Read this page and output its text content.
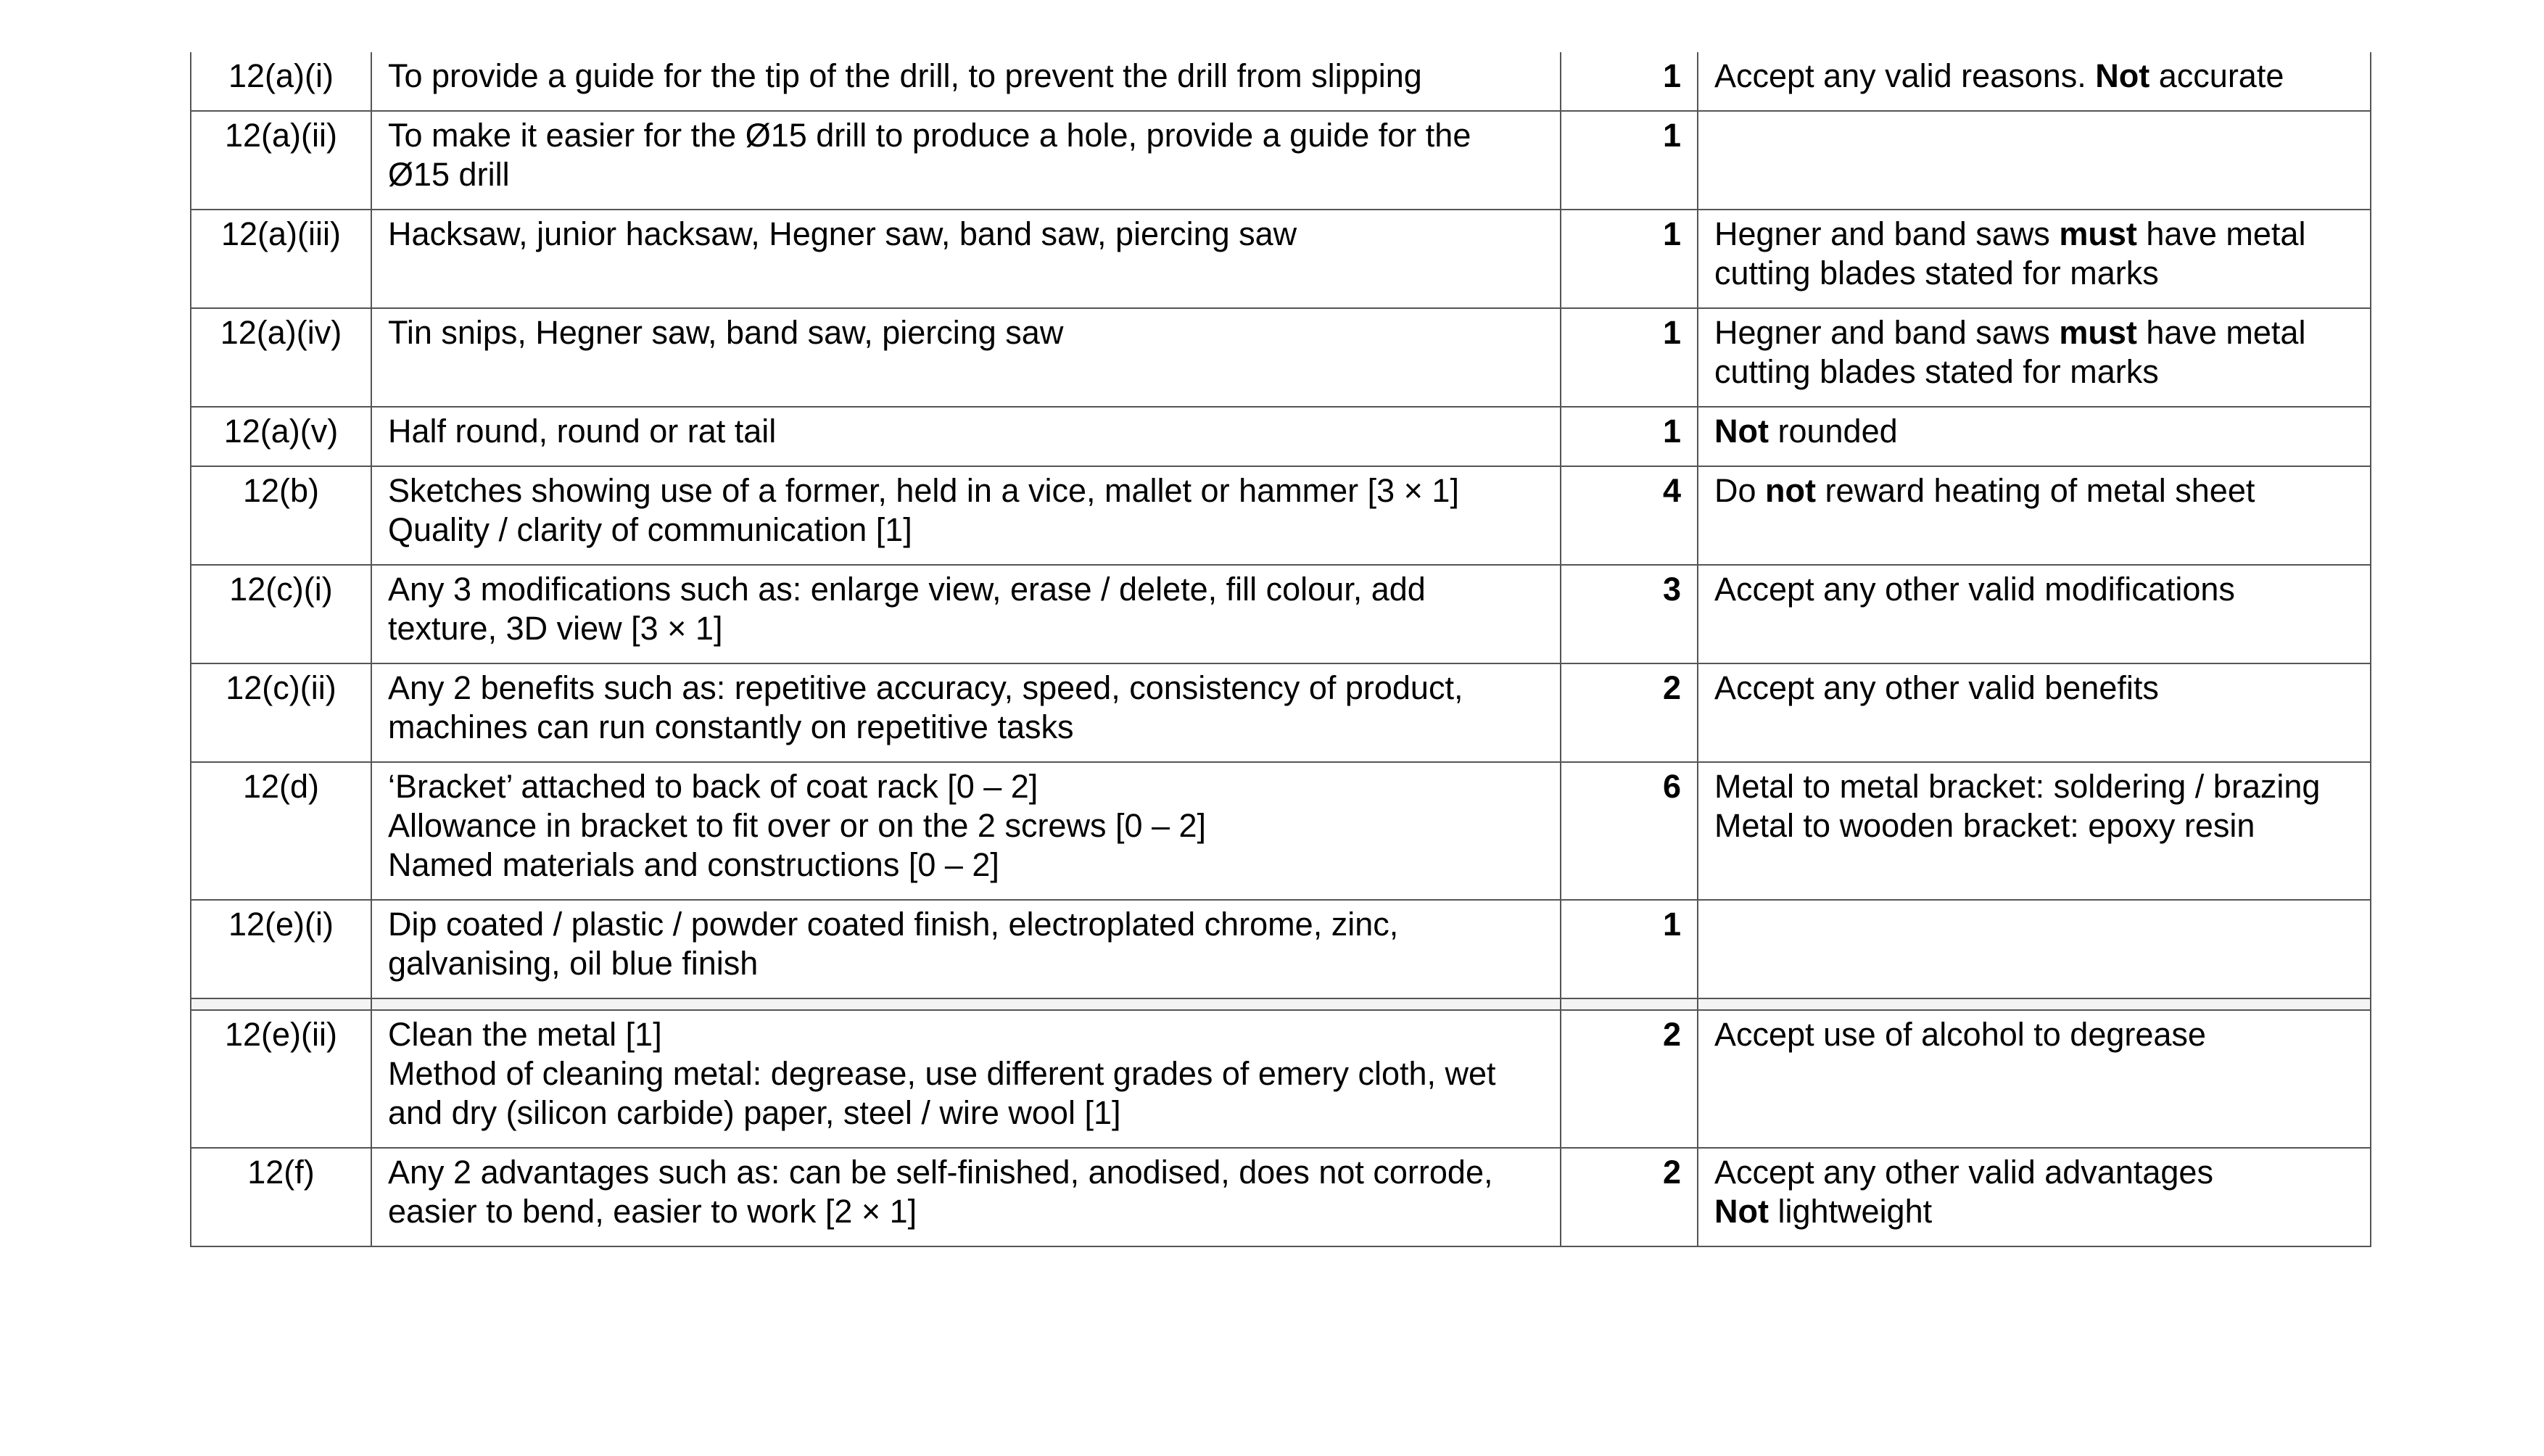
12(a)(i)	To provide a guide for the tip of the drill, to prevent the drill from slipping	1	Accept any valid reasons. Not accurate

12(a)(ii)	To make it easier for the Ø15 drill to produce a hole, provide a guide for the
Ø15 drill	1	
12(a)(iii)	Hacksaw, junior hacksaw, Hegner saw, band saw, piercing saw	1	Hegner and band saws must have metal
cutting blades stated for marks

12(a)(iv)	Tin snips, Hegner saw, band saw, piercing saw	1	Hegner and band saws must have metal
cutting blades stated for marks

12(a)(v)	Half round, round or rat tail	1	Not rounded

12(b)	Sketches showing use of a former, held in a vice, mallet or hammer [3 × 1]
Quality / clarity of communication [1]	4	Do not reward heating of metal sheet

12(c)(i)	Any 3 modifications such as: enlarge view, erase / delete, fill colour, add
texture, 3D view [3 × 1]	3	Accept any other valid modifications

12(c)(ii)	Any 2 benefits such as: repetitive accuracy, speed, consistency of product,
machines can run constantly on repetitive tasks	2	Accept any other valid benefits

12(d)	‘Bracket’ attached to back of coat rack [0 – 2]
Allowance in bracket to fit over or on the 2 screws [0 – 2]
Named materials and constructions [0 – 2]	6	Metal to metal bracket: soldering / brazing
Metal to wooden bracket: epoxy resin

12(e)(i)	Dip coated / plastic / powder coated finish, electroplated chrome, zinc,
galvanising, oil blue finish	1	

12(e)(ii)	Clean the metal [1]
Method of cleaning metal: degrease, use different grades of emery cloth, wet
and dry (silicon carbide) paper, steel / wire wool [1]	2	Accept use of alcohol to degrease

12(f)	Any 2 advantages such as: can be self-finished, anodised, does not corrode,
easier to bend, easier to work [2 × 1]	2	Accept any other valid advantages
Not lightweight
